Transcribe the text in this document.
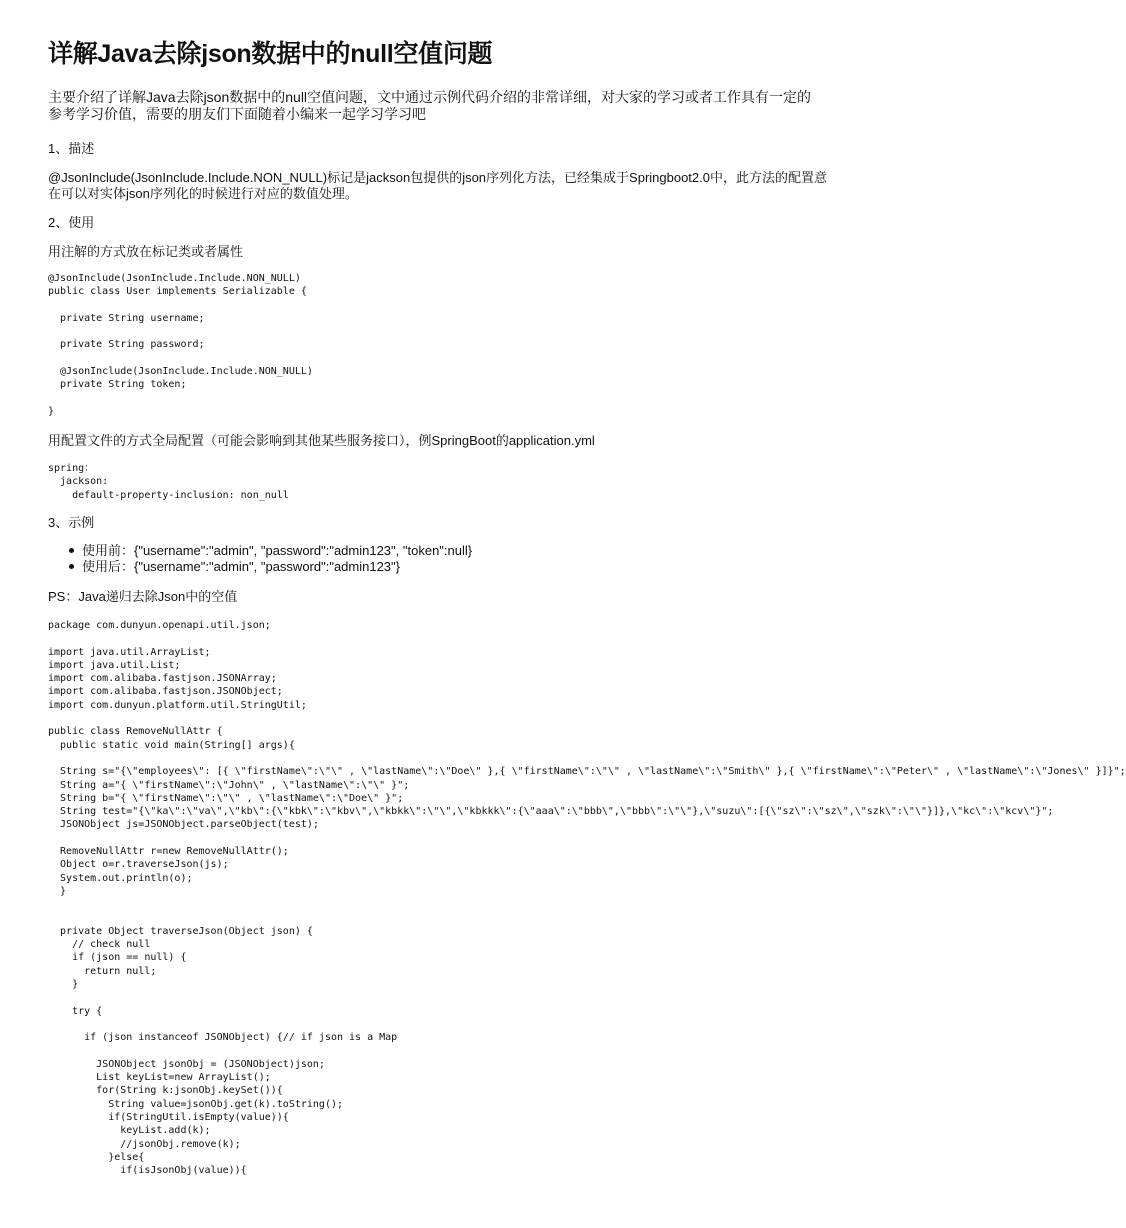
详解Java去除json数据中的null空值问题

主要介绍了详解Java去除json数据中的null空值问题，文中通过示例代码介绍的非常详细，对大家的学习或者工作具有一定的参考学习价值，需要的朋友们下面随着小编来一起学习学习吧

1、描述

@JsonInclude(JsonInclude.Include.NON_NULL)标记是jackson包提供的json序列化方法，已经集成于Springboot2.0中，此方法的配置意在可以对实体json序列化的时候进行对应的数值处理。

2、使用

用注解的方式放在标记类或者属性

@JsonInclude(JsonInclude.Include.NON_NULL)
public class User implements Serializable {

private String username;

private String password;

@JsonInclude(JsonInclude.Include.NON_NULL)
private String token;

}

用配置文件的方式全局配置（可能会影响到其他某些服务接口），例SpringBoot的application.yml

spring：
jackson:
default-property-inclusion: non_null

3、示例

使用前：{"username":"admin", "password":"admin123", "token":null}
使用后：{"username":"admin", "password":"admin123"}

PS：Java递归去除Json中的空值

package com.dunyun.openapi.util.json;

import java.util.ArrayList;
import java.util.List;
import com.alibaba.fastjson.JSONArray;
import com.alibaba.fastjson.JSONObject;
import com.dunyun.platform.util.StringUtil;

public class RemoveNullAttr {
public static void main(String[] args){

String s="{\"employees\": [{ \"firstName\":\"\" , \"lastName\":\"Doe\" },{ \"firstName\":\"\" , \"lastName\":\"Smith\" },{ \"firstName\":\"Peter\" , \"lastName\":\"Jones\" }]}";
String a="{ \"firstName\":\"John\" , \"lastName\":\"\" }";
String b="{ \"firstName\":\"\" , \"lastName\":\"Doe\" }";
String test="{\"ka\":\"va\",\"kb\":{\"kbk\":\"kbv\",\"kbkk\":\"\",\"kbkkk\":{\"aaa\":\"bbb\",\"bbb\":\"\"},\"suzu\":[{\"sz\":\"sz\",\"szk\":\"\"}]},\"kc\":\"kcv\"}";
JSONObject js=JSONObject.parseObject(test);

RemoveNullAttr r=new RemoveNullAttr();
Object o=r.traverseJson(js);
System.out.println(o);
}

private Object traverseJson(Object json) {
// check null
if (json == null) {
return null;
}

try {

if (json instanceof JSONObject) {// if json is a Map

JSONObject jsonObj = (JSONObject)json;
List keyList=new ArrayList();
for(String k:jsonObj.keySet()){
String value=jsonObj.get(k).toString();
if(StringUtil.isEmpty(value)){
keyList.add(k);
//jsonObj.remove(k);
}else{
if(isJsonObj(value)){
